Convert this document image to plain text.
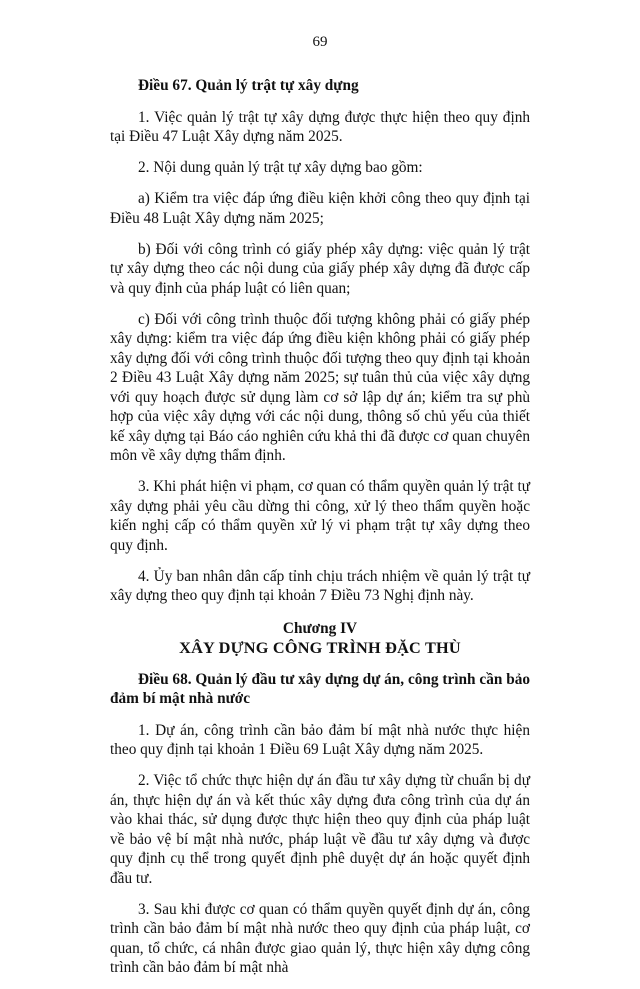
69

Điều 67. Quản lý trật tự xây dựng

1. Việc quản lý trật tự xây dựng được thực hiện theo quy định tại Điều 47 Luật Xây dựng năm 2025.

2. Nội dung quản lý trật tự xây dựng bao gồm:

a) Kiểm tra việc đáp ứng điều kiện khởi công theo quy định tại Điều 48 Luật Xây dựng năm 2025;

b) Đối với công trình có giấy phép xây dựng: việc quản lý trật tự xây dựng theo các nội dung của giấy phép xây dựng đã được cấp và quy định của pháp luật có liên quan;

c) Đối với công trình thuộc đối tượng không phải có giấy phép xây dựng: kiểm tra việc đáp ứng điều kiện không phải có giấy phép xây dựng đối với công trình thuộc đối tượng theo quy định tại khoản 2 Điều 43 Luật Xây dựng năm 2025; sự tuân thủ của việc xây dựng với quy hoạch được sử dụng làm cơ sở lập dự án; kiểm tra sự phù hợp của việc xây dựng với các nội dung, thông số chủ yếu của thiết kế xây dựng tại Báo cáo nghiên cứu khả thi đã được cơ quan chuyên môn về xây dựng thẩm định.

3. Khi phát hiện vi phạm, cơ quan có thẩm quyền quản lý trật tự xây dựng phải yêu cầu dừng thi công, xử lý theo thẩm quyền hoặc kiến nghị cấp có thẩm quyền xử lý vi phạm trật tự xây dựng theo quy định.

4. Ủy ban nhân dân cấp tỉnh chịu trách nhiệm về quản lý trật tự xây dựng theo quy định tại khoản 7 Điều 73 Nghị định này.

Chương IV

XÂY DỰNG CÔNG TRÌNH ĐẶC THÙ

Điều 68. Quản lý đầu tư xây dựng dự án, công trình cần bảo đảm bí mật nhà nước

1. Dự án, công trình cần bảo đảm bí mật nhà nước thực hiện theo quy định tại khoản 1 Điều 69 Luật Xây dựng năm 2025.

2. Việc tổ chức thực hiện dự án đầu tư xây dựng từ chuẩn bị dự án, thực hiện dự án và kết thúc xây dựng đưa công trình của dự án vào khai thác, sử dụng được thực hiện theo quy định của pháp luật về bảo vệ bí mật nhà nước, pháp luật về đầu tư xây dựng và được quy định cụ thể trong quyết định phê duyệt dự án hoặc quyết định đầu tư.

3. Sau khi được cơ quan có thẩm quyền quyết định dự án, công trình cần bảo đảm bí mật nhà nước theo quy định của pháp luật, cơ quan, tổ chức, cá nhân được giao quản lý, thực hiện xây dựng công trình cần bảo đảm bí mật nhà
